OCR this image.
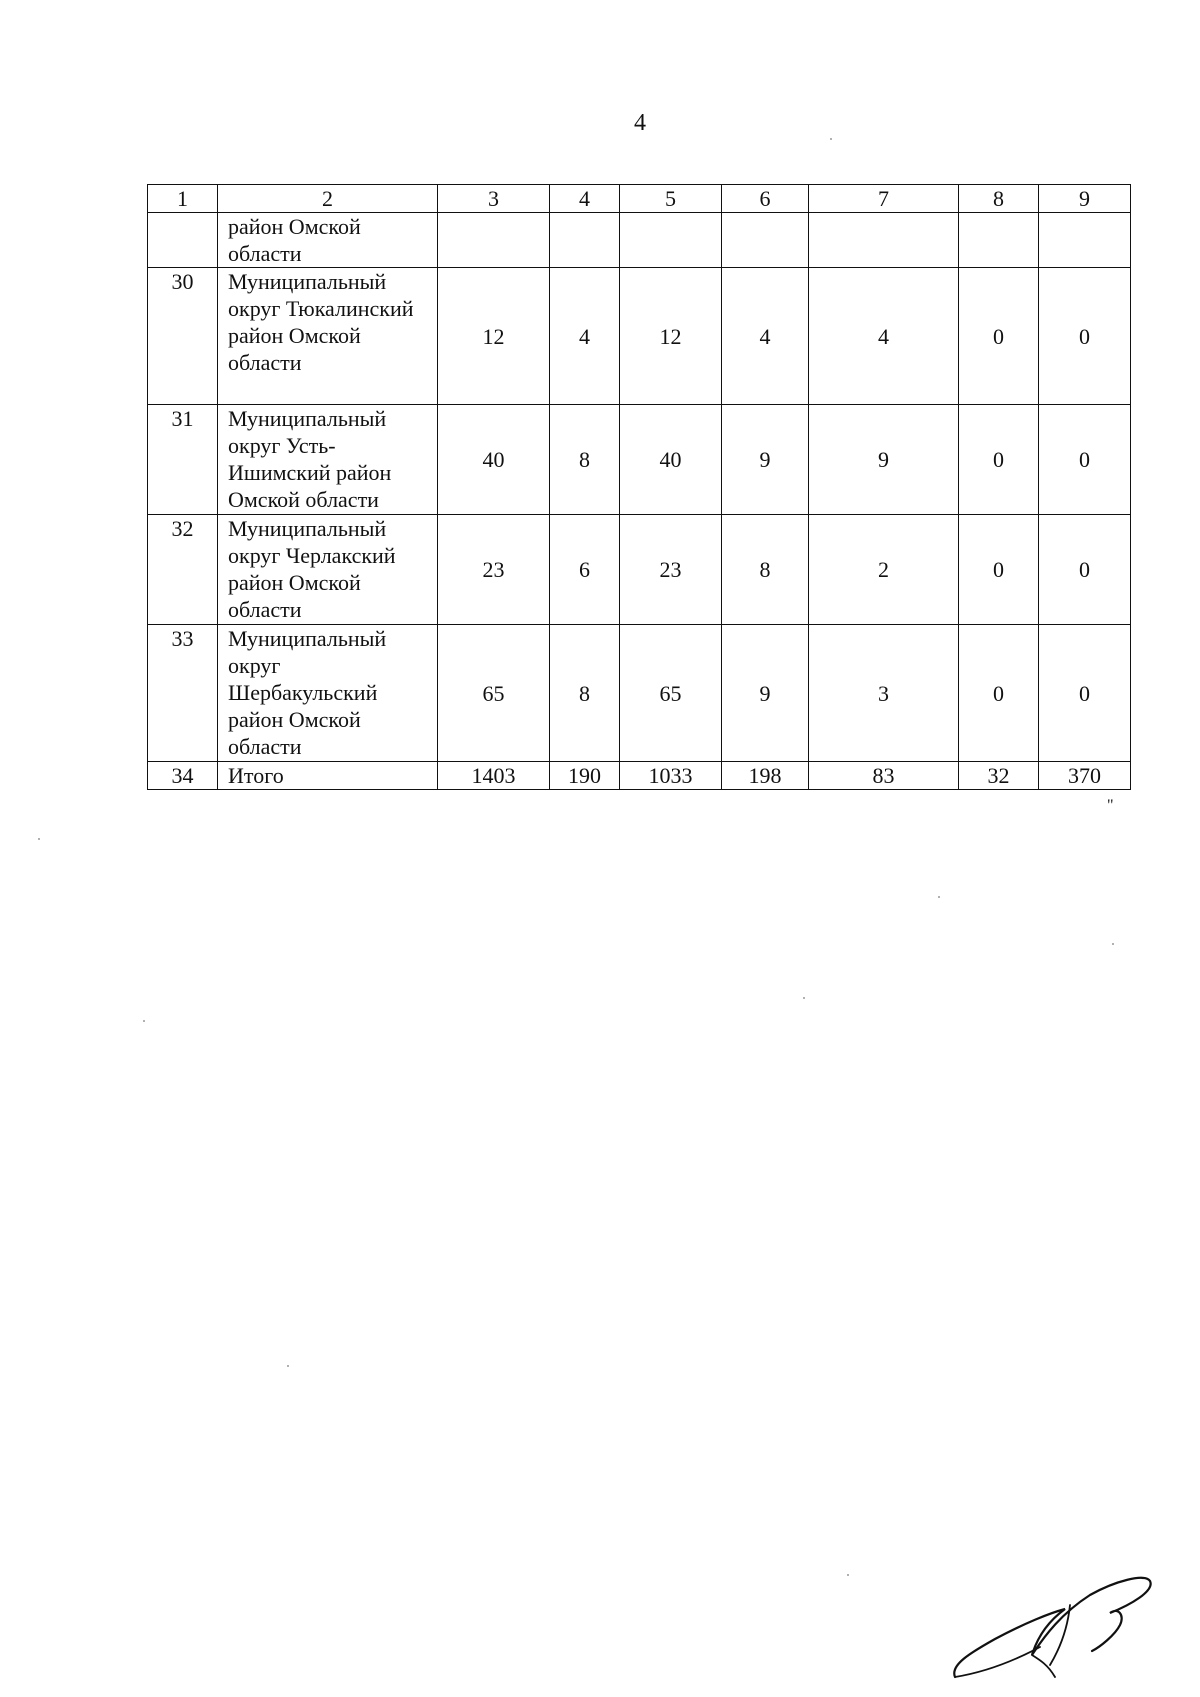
4
1	2	3	4	5	6	7	8	9
	район Омской области							
30	Муниципальный округ Тюкалинский район Омской области	12	4	12	4	4	0	0
31	Муниципальный округ Усть-Ишимский район Омской области	40	8	40	9	9	0	0
32	Муниципальный округ Черлакский район Омской области	23	6	23	8	2	0	0
33	Муниципальный округ Шербакульский район Омской области	65	8	65	9	3	0	0
34	Итого	1403	190	1033	198	83	32	370
"
